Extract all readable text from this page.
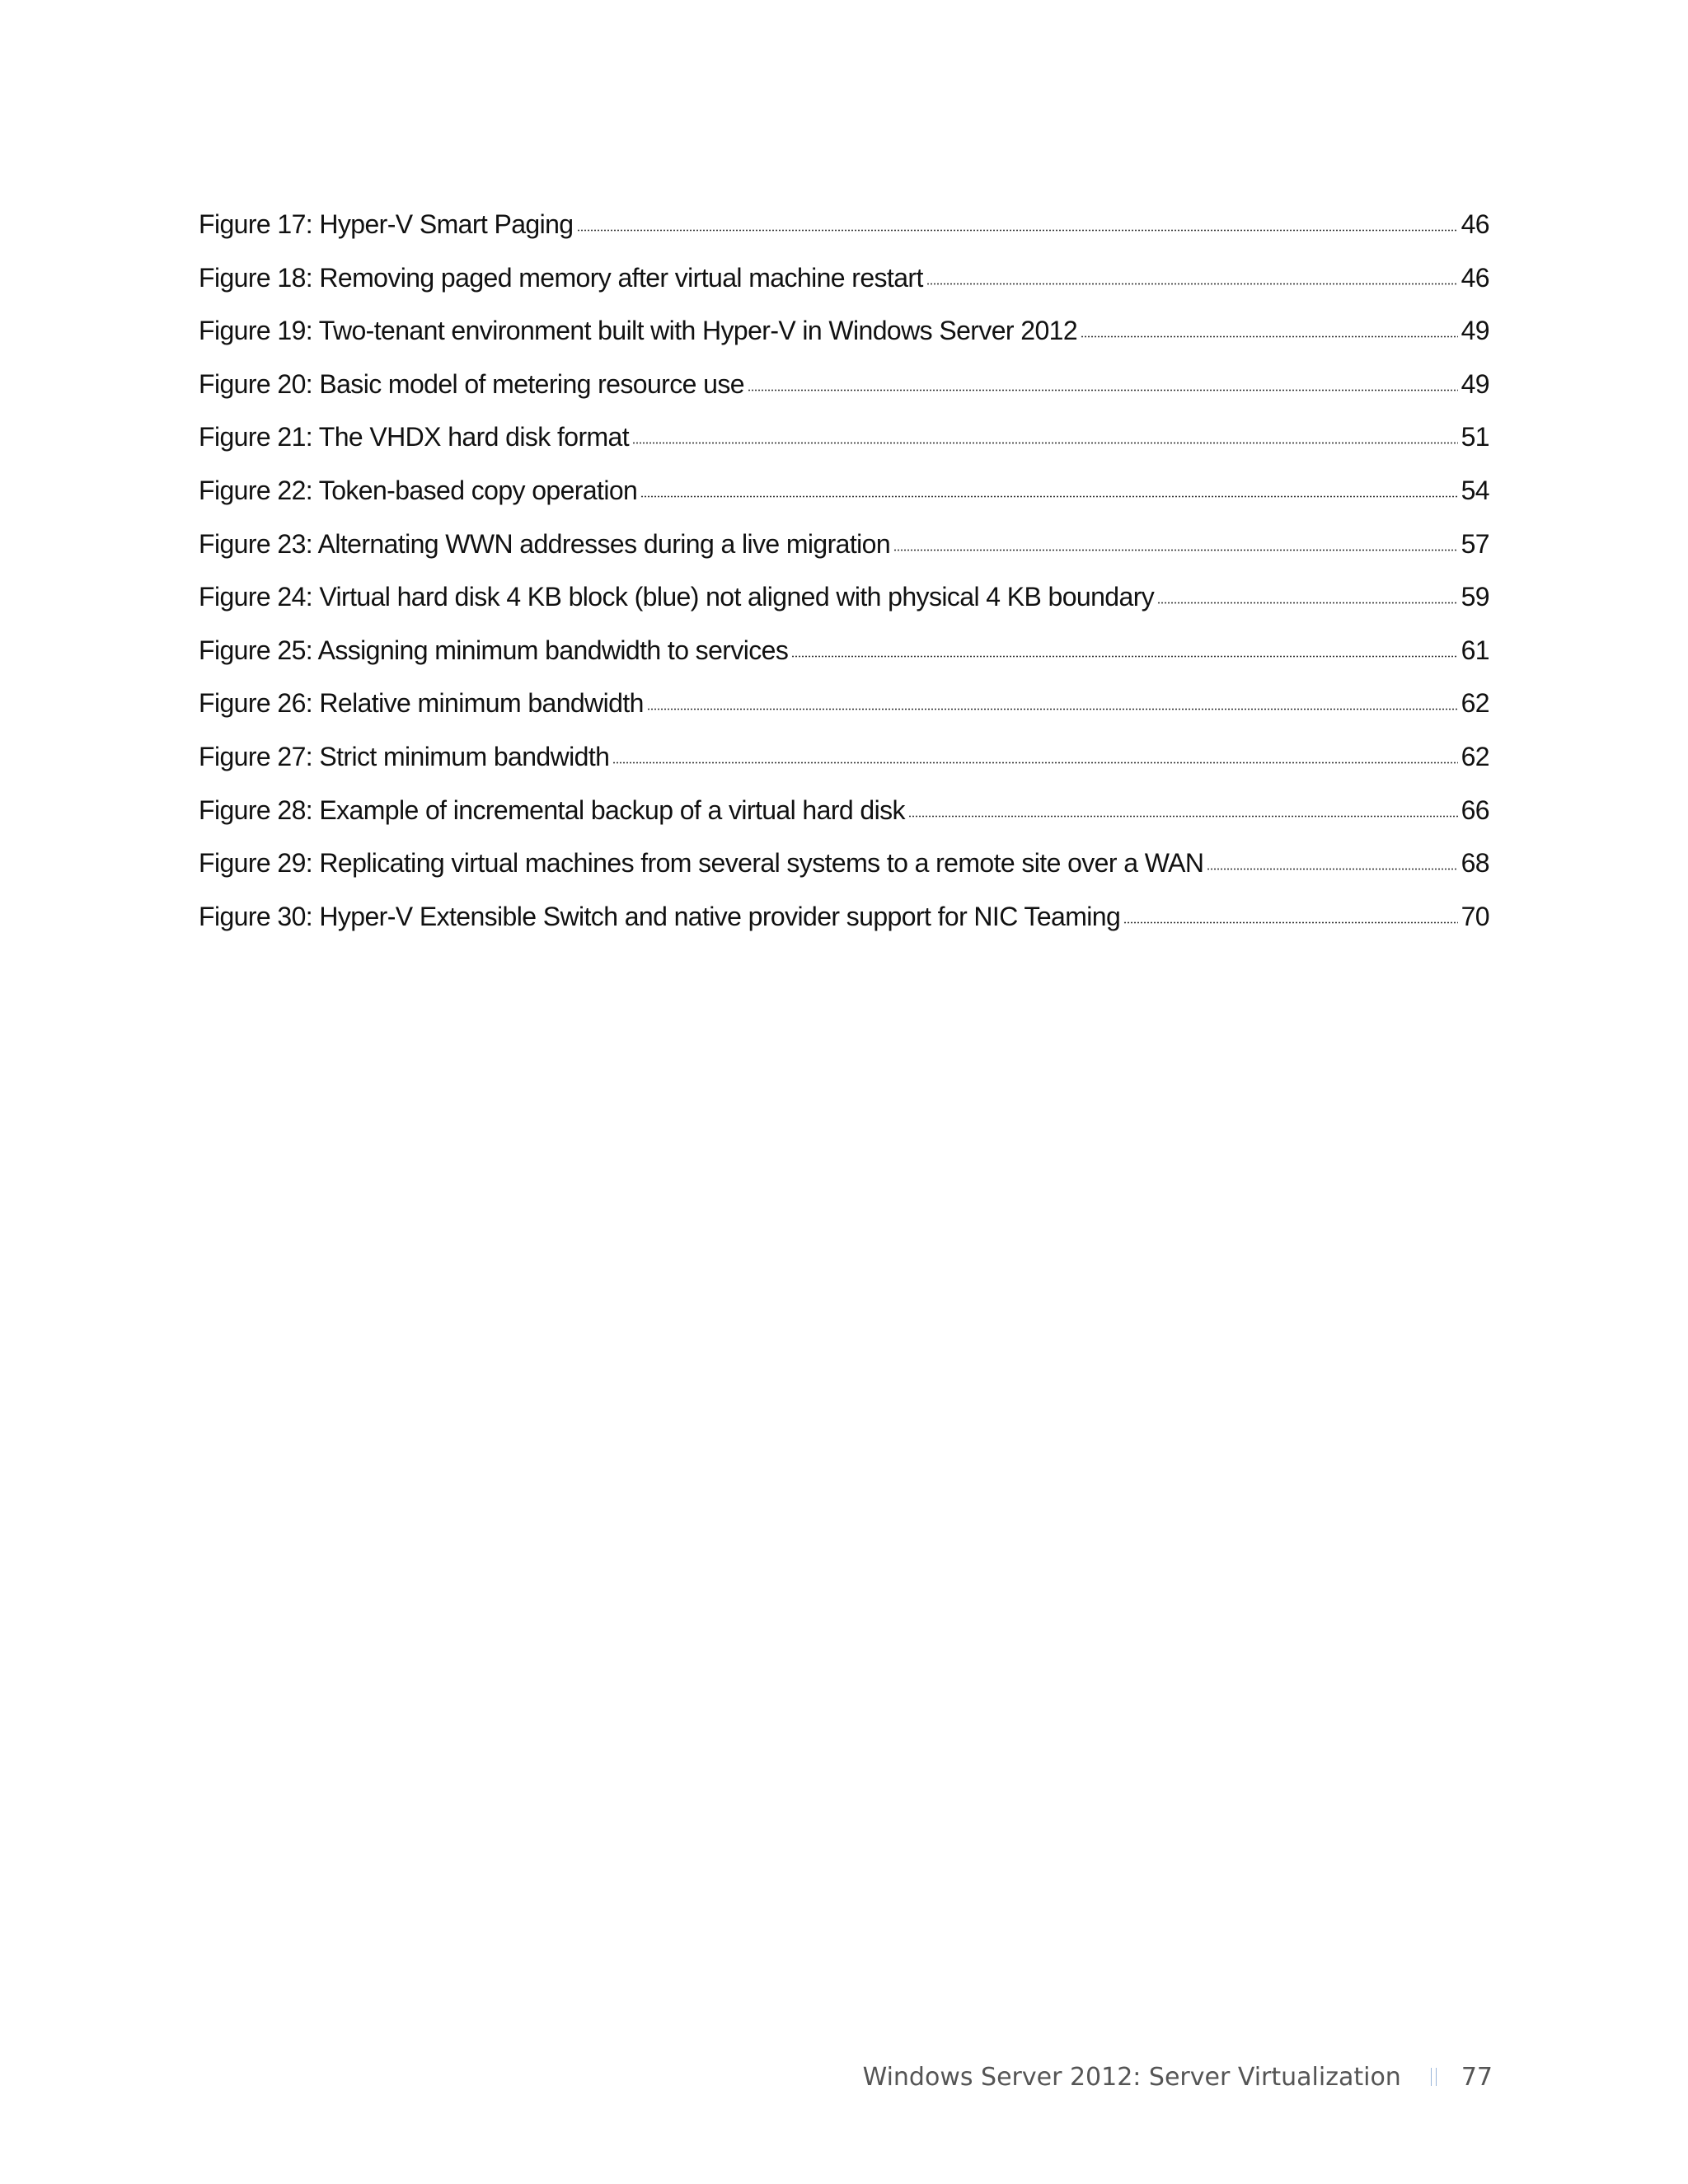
Figure 17: Hyper-V Smart Paging	46
Figure 18: Removing paged memory after virtual machine restart	46
Figure 19: Two-tenant environment built with Hyper-V in Windows Server 2012	49
Figure 20: Basic model of metering resource use	49
Figure 21: The VHDX hard disk format	51
Figure 22: Token-based copy operation	54
Figure 23: Alternating WWN addresses during a live migration	57
Figure 24: Virtual hard disk 4 KB block (blue) not aligned with physical 4 KB boundary	59
Figure 25: Assigning minimum bandwidth to services	61
Figure 26: Relative minimum bandwidth	62
Figure 27: Strict minimum bandwidth	62
Figure 28: Example of incremental backup of a virtual hard disk	66
Figure 29: Replicating virtual machines from several systems to a remote site over a WAN	68
Figure 30: Hyper-V Extensible Switch and native provider support for NIC Teaming	70
Windows Server 2012: Server Virtualization 77
